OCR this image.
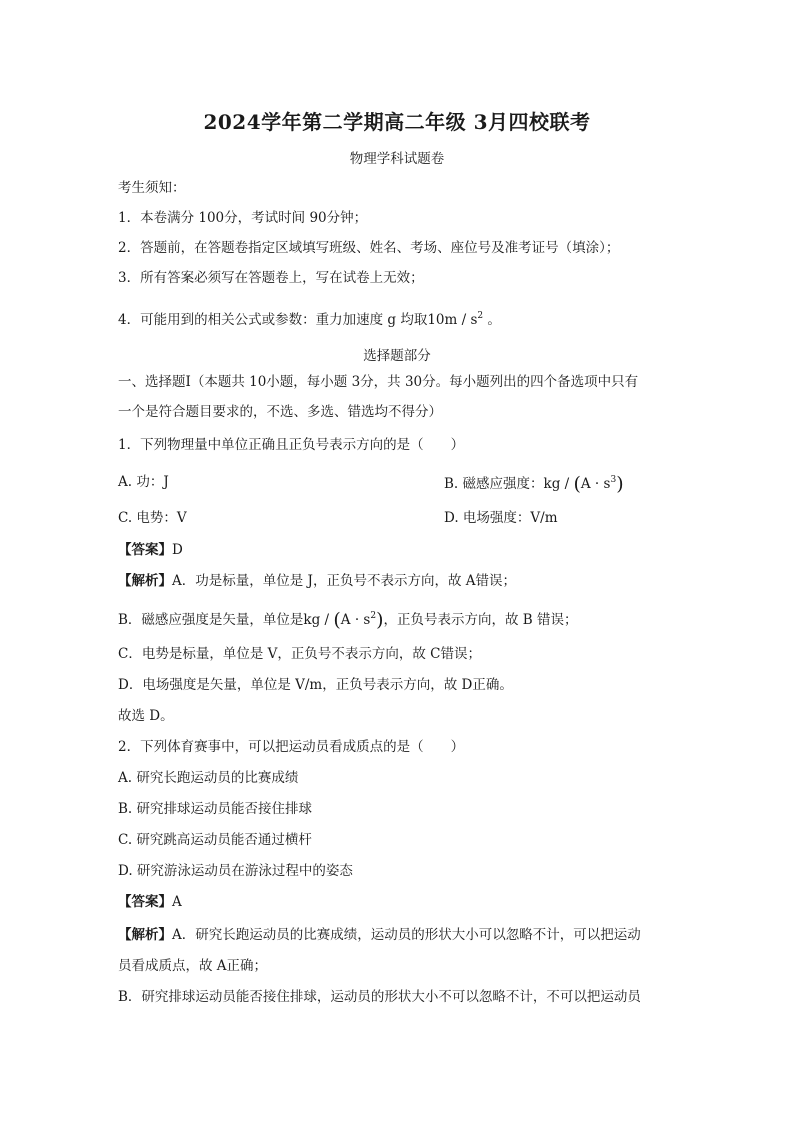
2024学年第二学期高二年级 3月四校联考
物理学科试题卷
考生须知：
1．本卷满分 100分，考试时间 90分钟；
2．答题前，在答题卷指定区域填写班级、姓名、考场、座位号及准考证号（填涂）；
3．所有答案必须写在答题卷上，写在试卷上无效；
4．可能用到的相关公式或参数：重力加速度 g 均取$10m / s^2$ 。
选择题部分
一、选择题Ⅰ（本题共 10小题，每小题 3分，共 30分。每小题列出的四个备选项中只有
一个是符合题目要求的，不选、多选、错选均不得分）
1．下列物理量中单位正确且正负号表示方向的是（　　）
A. 功：J	B. 磁感应强度：kg / $(A \cdot s^3)$
C. 电势：V	D. 电场强度：V/m
【答案】D
【解析】A．功是标量，单位是 J，正负号不表示方向，故 A错误；
B．磁感应强度是矢量，单位是kg / $(A \cdot s^2)$，正负号表示方向，故 B 错误；
C．电势是标量，单位是 V，正负号不表示方向，故 C错误；
D．电场强度是矢量，单位是 V/m，正负号表示方向，故 D正确。
故选 D。
2．下列体育赛事中，可以把运动员看成质点的是（　　）
A. 研究长跑运动员的比赛成绩
B. 研究排球运动员能否接住排球
C. 研究跳高运动员能否通过横杆
D. 研究游泳运动员在游泳过程中的姿态
【答案】A
【解析】A．研究长跑运动员的比赛成绩，运动员的形状大小可以忽略不计，可以把运动
员看成质点，故 A正确；
B．研究排球运动员能否接住排球，运动员的形状大小不可以忽略不计，不可以把运动员
